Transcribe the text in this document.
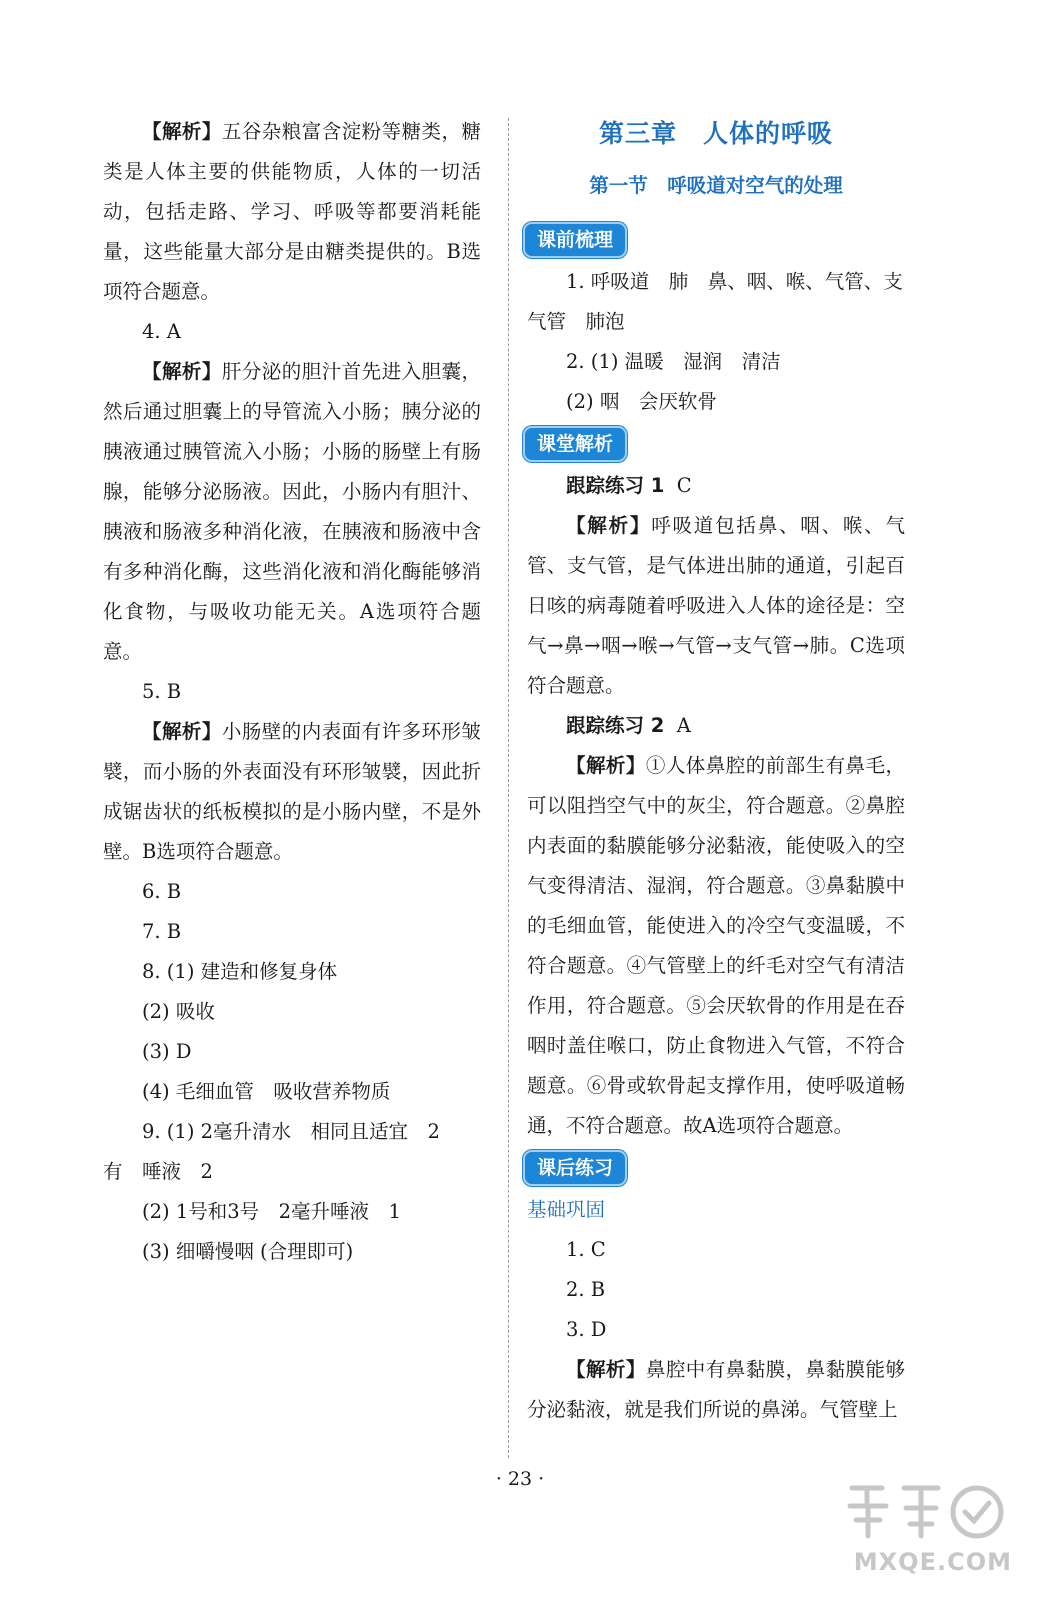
【解析】五谷杂粮富含淀粉等糖类，糖类是人体主要的供能物质，人体的一切活动，包括走路、学习、呼吸等都要消耗能量，这些能量大部分是由糖类提供的。B选项符合题意。

4. A

【解析】肝分泌的胆汁首先进入胆囊，然后通过胆囊上的导管流入小肠；胰分泌的胰液通过胰管流入小肠；小肠的肠壁上有肠腺，能够分泌肠液。因此，小肠内有胆汁、胰液和肠液多种消化液，在胰液和肠液中含有多种消化酶，这些消化液和消化酶能够消化食物，与吸收功能无关。A选项符合题意。

5. B

【解析】小肠壁的内表面有许多环形皱襞，而小肠的外表面没有环形皱襞，因此折成锯齿状的纸板模拟的是小肠内壁，不是外壁。B选项符合题意。

6. B

7. B

8. (1) 建造和修复身体

(2) 吸收

(3) D

(4) 毛细血管　吸收营养物质

9. (1) 2毫升清水　相同且适宜　2

有　唾液　2

(2) 1号和3号　2毫升唾液　1

(3) 细嚼慢咽 (合理即可)

第三章　人体的呼吸

第一节　呼吸道对空气的处理

课前梳理

1. 呼吸道　肺　鼻、咽、喉、气管、支

气管　肺泡

2. (1) 温暖　湿润　清洁

(2) 咽　会厌软骨

课堂解析

跟踪练习 1 C

【解析】呼吸道包括鼻、咽、喉、气管、支气管，是气体进出肺的通道，引起百日咳的病毒随着呼吸进入人体的途径是：空气→鼻→咽→喉→气管→支气管→肺。C选项符合题意。

跟踪练习 2 A

【解析】①人体鼻腔的前部生有鼻毛，可以阻挡空气中的灰尘，符合题意。②鼻腔内表面的黏膜能够分泌黏液，能使吸入的空气变得清洁、湿润，符合题意。③鼻黏膜中的毛细血管，能使进入的冷空气变温暖，不符合题意。④气管壁上的纤毛对空气有清洁作用，符合题意。⑤会厌软骨的作用是在吞咽时盖住喉口，防止食物进入气管，不符合题意。⑥骨或软骨起支撑作用，使呼吸道畅通，不符合题意。故A选项符合题意。

课后练习

基础巩固

1. C

2. B

3. D

【解析】鼻腔中有鼻黏膜，鼻黏膜能够分泌黏液，就是我们所说的鼻涕。气管壁上

· 23 ·
MXQE.COM
